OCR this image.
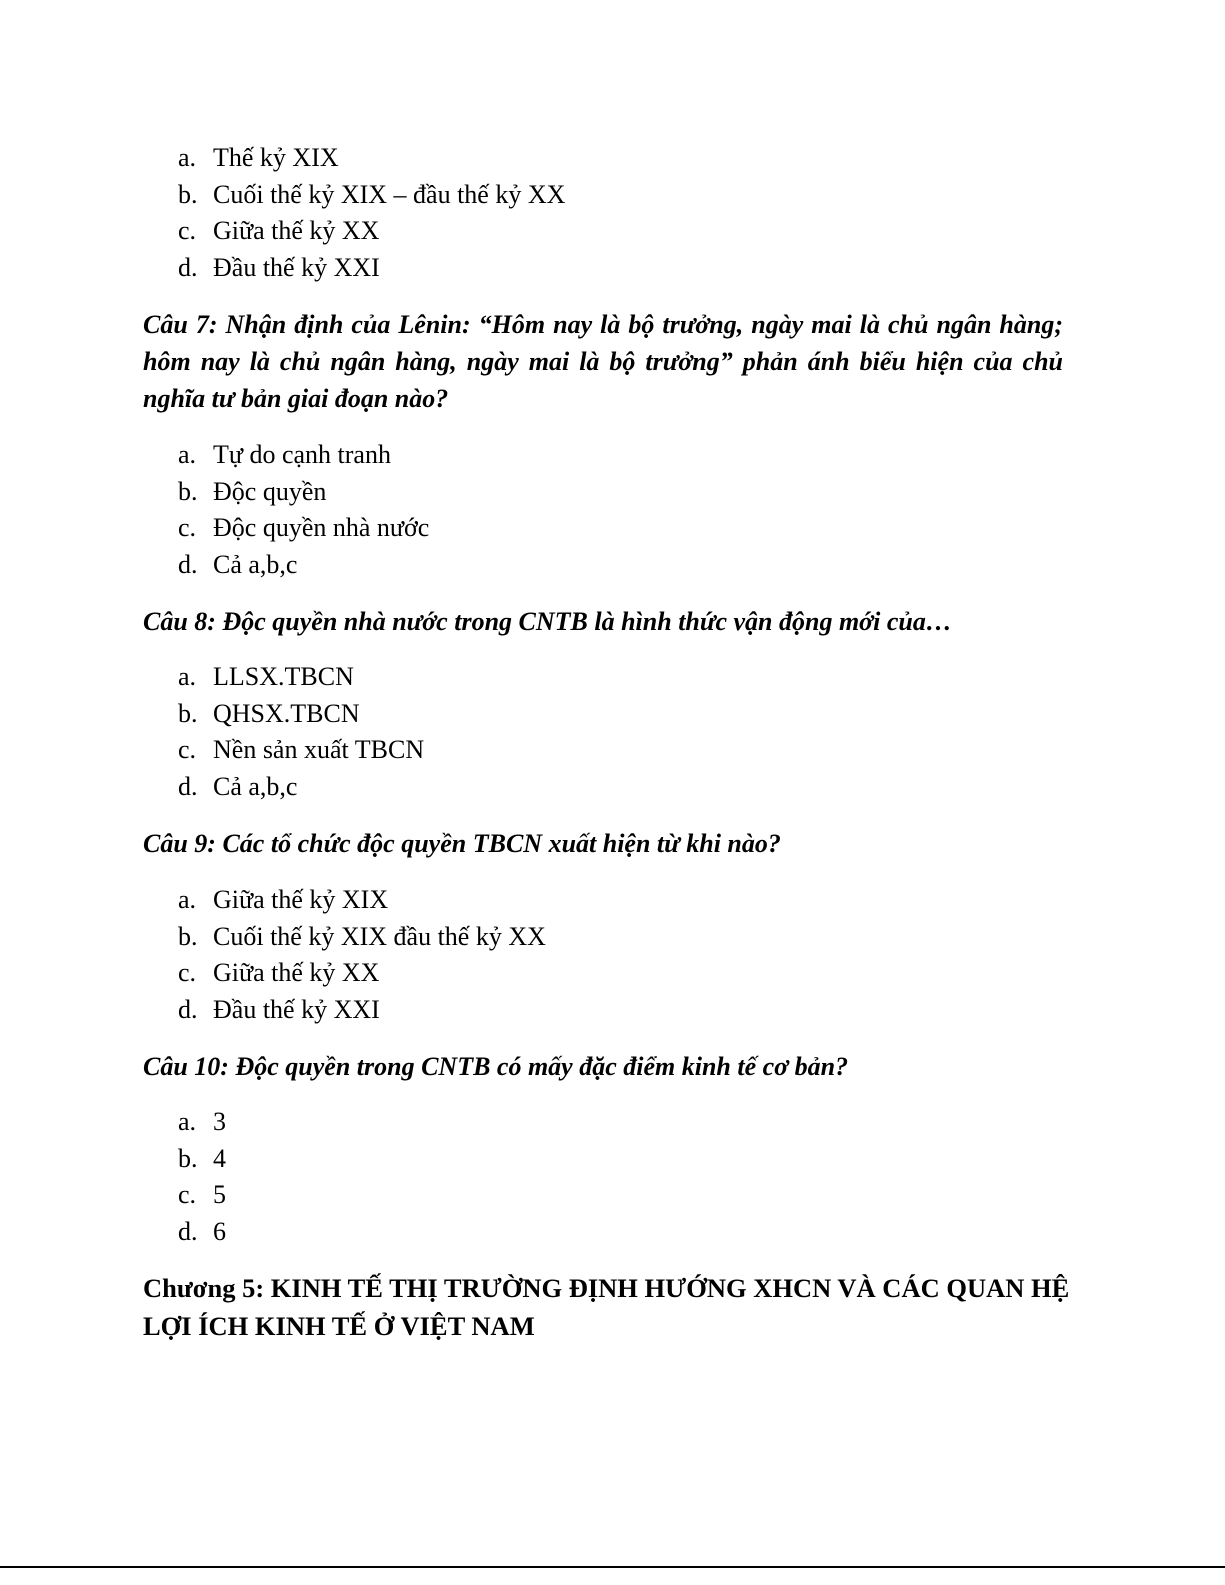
a. Thế kỷ XIX
b. Cuối thế kỷ XIX – đầu thế kỷ XX
c. Giữa thế kỷ XX
d. Đầu thế kỷ XXI

Câu 7: Nhận định của Lênin: “Hôm nay là bộ trưởng, ngày mai là chủ ngân hàng; hôm nay là chủ ngân hàng, ngày mai là bộ trưởng” phản ánh biểu hiện của chủ nghĩa tư bản giai đoạn nào?

a. Tự do cạnh tranh
b. Độc quyền
c. Độc quyền nhà nước
d. Cả a,b,c

Câu 8: Độc quyền nhà nước trong CNTB là hình thức vận động mới của…

a. LLSX.TBCN
b. QHSX.TBCN
c. Nền sản xuất TBCN
d. Cả a,b,c

Câu 9: Các tổ chức độc quyền TBCN xuất hiện từ khi nào?

a. Giữa thế kỷ XIX
b. Cuối thế kỷ XIX đầu thế kỷ XX
c. Giữa thế kỷ XX
d. Đầu thế kỷ XXI

Câu 10: Độc quyền trong CNTB có mấy đặc điểm kinh tế cơ bản?

a. 3
b. 4
c. 5
d. 6
Chương 5: KINH TẾ THỊ TRƯỜNG ĐỊNH HƯỚNG XHCN VÀ CÁC QUAN HỆ LỢI ÍCH KINH TẾ Ở VIỆT NAM
